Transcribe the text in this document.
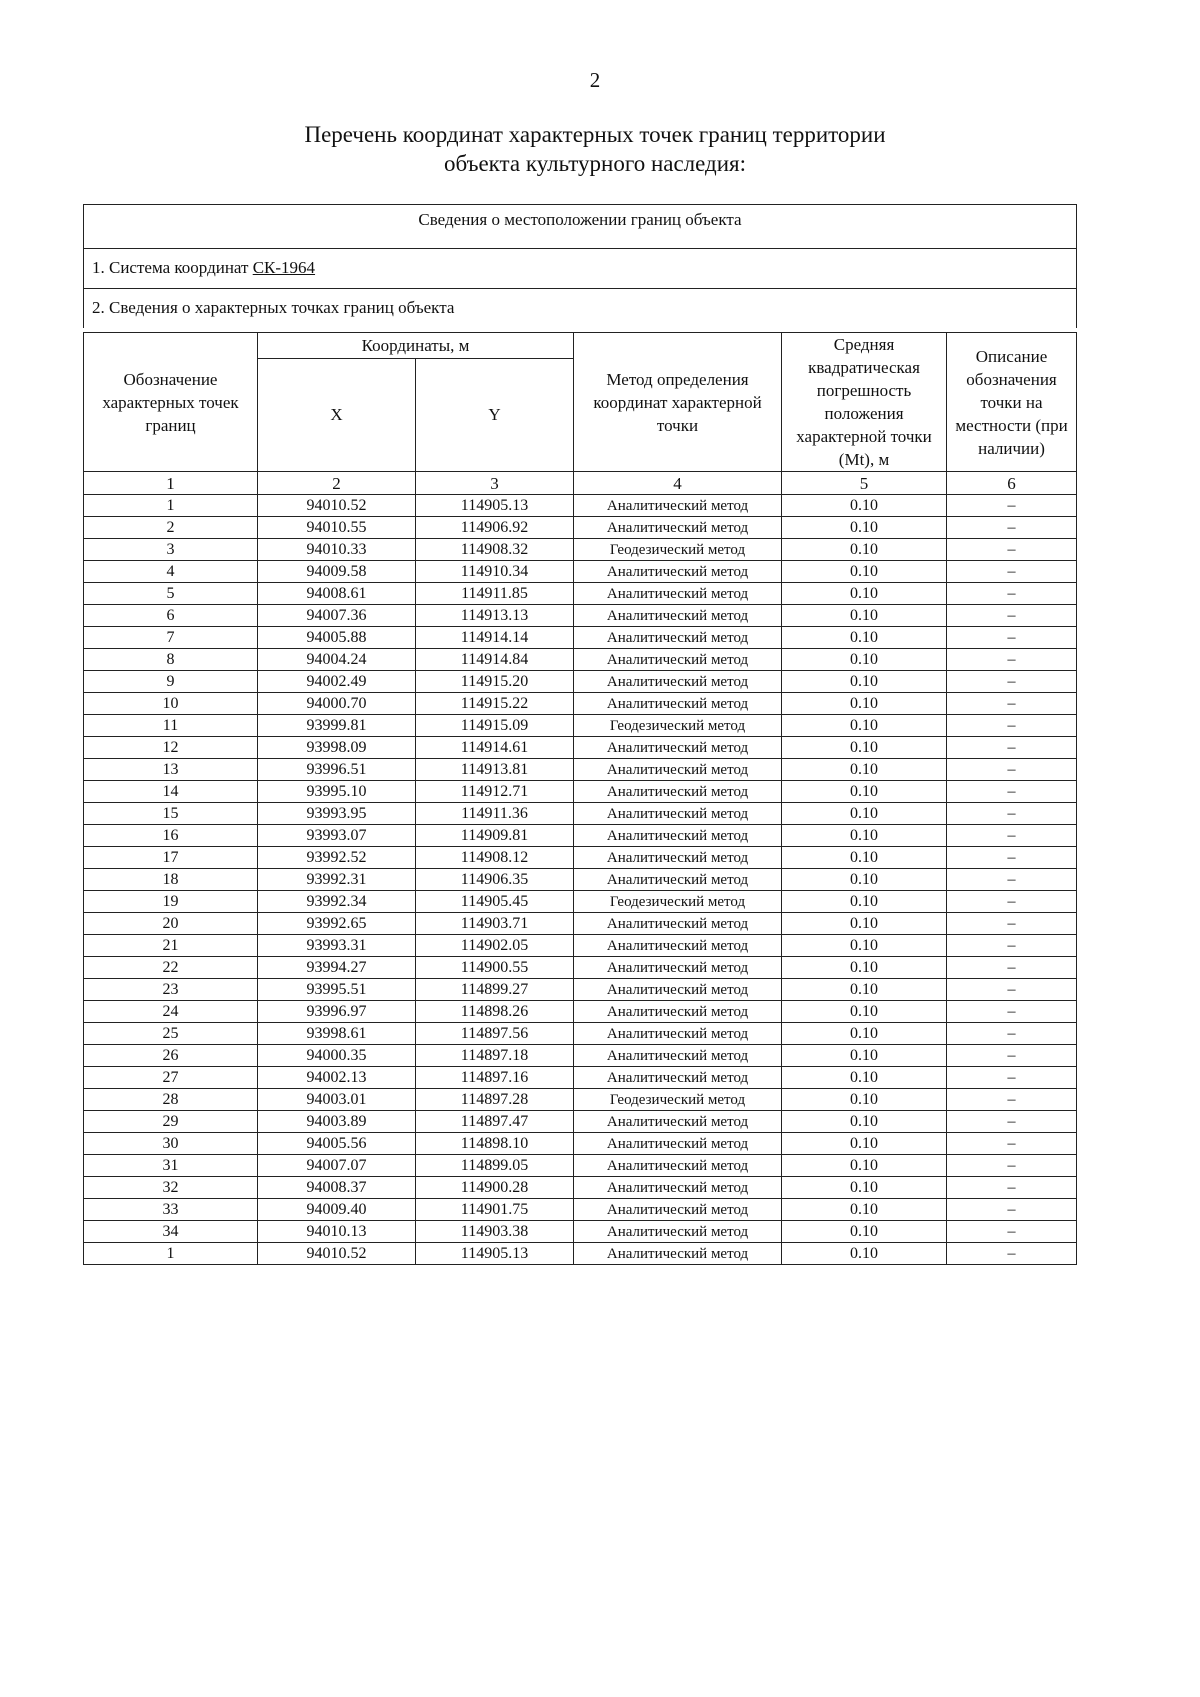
2
Перечень координат характерных точек границ территории
объекта культурного наследия:
Сведения о местоположении границ объекта
1. Система координат СК-1964
2. Сведения о характерных точках границ объекта
Обозначение характерных точек границ	Координаты, м		Метод определения координат характерной точки	Средняя квадратическая погрешность положения характерной точки (Mt), м	Описание обозначения точки на местности (при наличии)
	X	Y			
1	2	3	4	5	6
1	94010.52	114905.13	Аналитический метод	0.10	–
2	94010.55	114906.92	Аналитический метод	0.10	–
3	94010.33	114908.32	Геодезический метод	0.10	–
4	94009.58	114910.34	Аналитический метод	0.10	–
5	94008.61	114911.85	Аналитический метод	0.10	–
6	94007.36	114913.13	Аналитический метод	0.10	–
7	94005.88	114914.14	Аналитический метод	0.10	–
8	94004.24	114914.84	Аналитический метод	0.10	–
9	94002.49	114915.20	Аналитический метод	0.10	–
10	94000.70	114915.22	Аналитический метод	0.10	–
11	93999.81	114915.09	Геодезический метод	0.10	–
12	93998.09	114914.61	Аналитический метод	0.10	–
13	93996.51	114913.81	Аналитический метод	0.10	–
14	93995.10	114912.71	Аналитический метод	0.10	–
15	93993.95	114911.36	Аналитический метод	0.10	–
16	93993.07	114909.81	Аналитический метод	0.10	–
17	93992.52	114908.12	Аналитический метод	0.10	–
18	93992.31	114906.35	Аналитический метод	0.10	–
19	93992.34	114905.45	Геодезический метод	0.10	–
20	93992.65	114903.71	Аналитический метод	0.10	–
21	93993.31	114902.05	Аналитический метод	0.10	–
22	93994.27	114900.55	Аналитический метод	0.10	–
23	93995.51	114899.27	Аналитический метод	0.10	–
24	93996.97	114898.26	Аналитический метод	0.10	–
25	93998.61	114897.56	Аналитический метод	0.10	–
26	94000.35	114897.18	Аналитический метод	0.10	–
27	94002.13	114897.16	Аналитический метод	0.10	–
28	94003.01	114897.28	Геодезический метод	0.10	–
29	94003.89	114897.47	Аналитический метод	0.10	–
30	94005.56	114898.10	Аналитический метод	0.10	–
31	94007.07	114899.05	Аналитический метод	0.10	–
32	94008.37	114900.28	Аналитический метод	0.10	–
33	94009.40	114901.75	Аналитический метод	0.10	–
34	94010.13	114903.38	Аналитический метод	0.10	–
1	94010.52	114905.13	Аналитический метод	0.10	–
